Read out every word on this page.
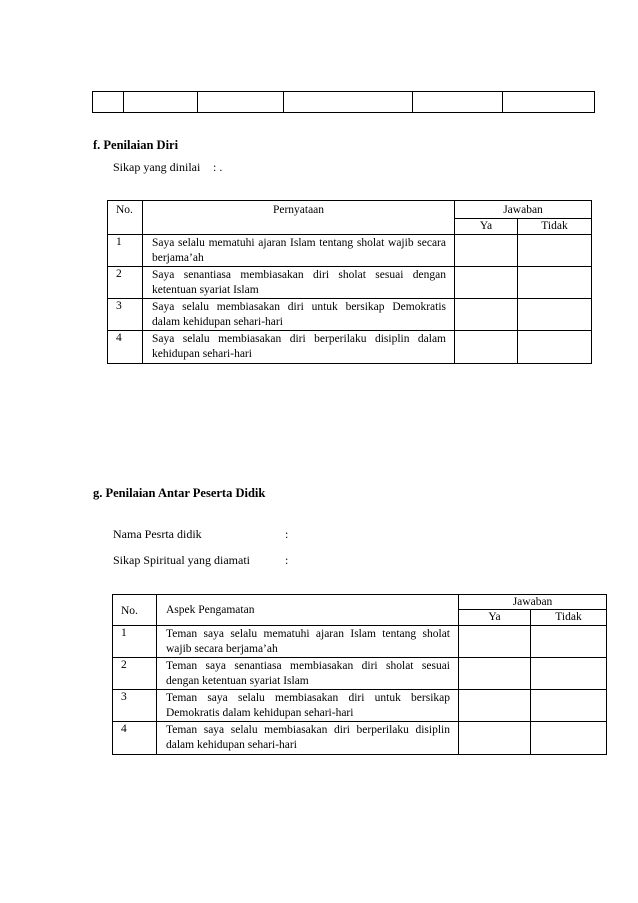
f. Penilaian Diri
Sikap yang dinilai : .
No.	Pernyataan	Jawaban	
		Ya	Tidak
1	Saya selalu mematuhi ajaran Islam tentang sholat wajib secara berjama’ah		
2	Saya senantiasa membiasakan diri sholat sesuai dengan ketentuan syariat Islam		
3	Saya selalu membiasakan diri untuk bersikap Demokratis dalam kehidupan sehari-hari		
4	Saya selalu membiasakan diri berperilaku disiplin dalam kehidupan sehari-hari		
g. Penilaian Antar Peserta Didik
Nama Pesrta didik	:
Sikap Spiritual yang diamati	:
No.	Aspek Pengamatan	Jawaban	
		Ya	Tidak
1	Teman saya selalu mematuhi ajaran Islam tentang sholat wajib secara berjama’ah		
2	Teman saya senantiasa membiasakan diri sholat sesuai dengan ketentuan syariat Islam		
3	Teman saya selalu membiasakan diri untuk bersikap Demokratis dalam kehidupan sehari-hari		
4	Teman saya selalu membiasakan diri berperilaku disiplin dalam kehidupan sehari-hari		
